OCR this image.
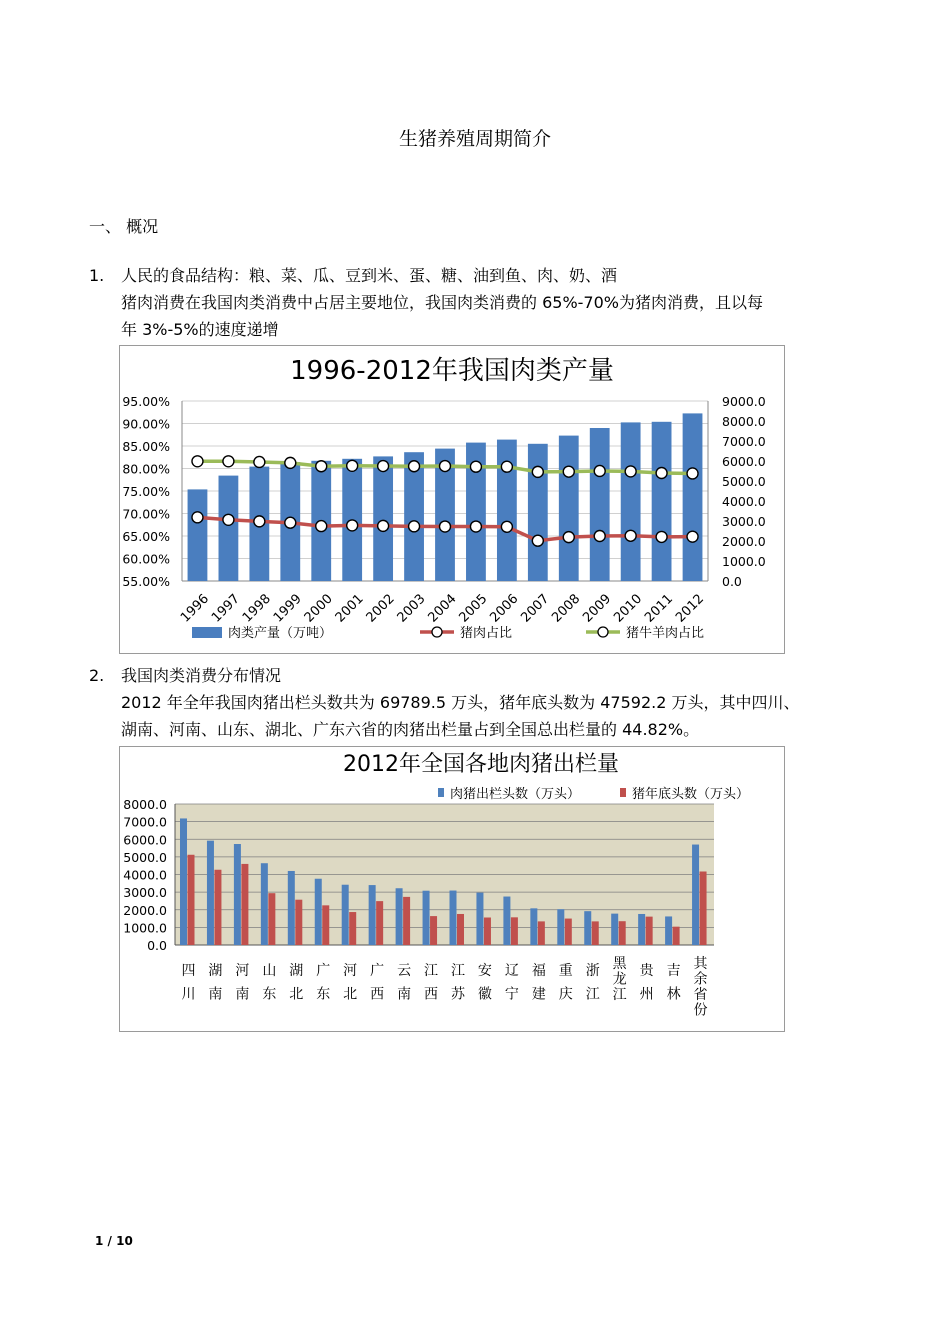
生猪养殖周期简介
一、 概况
1. 人民的食品结构：粮、菜、瓜、豆到米、蛋、糖、油到鱼、肉、奶、酒
猪肉消费在我国肉类消费中占居主要地位，我国肉类消费的 65%-70%为猪肉消费，且以每
年 3%-5%的速度递增
1996-2012年我国肉类产量
95.00%
90.00%
85.00%
80.00%
75.00%
70.00%
65.00%
60.00%
55.00%
9000.0
8000.0
7000.0
6000.0
5000.0
4000.0
3000.0
2000.0
1000.0
0.0
1996
1997
1998
1999
2000
2001
2002
2003
2004
2005
2006
2007
2008
2009
2010
2011
2012
肉类产量（万吨）	猪肉占比	猪牛羊肉占比
2. 我国肉类消费分布情况
2012 年全年我国肉猪出栏头数共为 69789.5 万头，猪年底头数为 47592.2 万头，其中四川、
湖南、河南、山东、湖北、广东六省的肉猪出栏量占到全国总出栏量的 44.82%。
2012年全国各地肉猪出栏量
8000.0
7000.0
6000.0
5000.0
4000.0
3000.0
2000.0
1000.0
0.0
四川
湖南
河南
山东
湖北
广东
河北
广西
云南
江西
江苏
安徽
辽宁
福建
重庆
浙江
黑龙江
贵州
吉林
其余省份
肉猪出栏头数（万头）	猪年底头数（万头）
1 / 10
